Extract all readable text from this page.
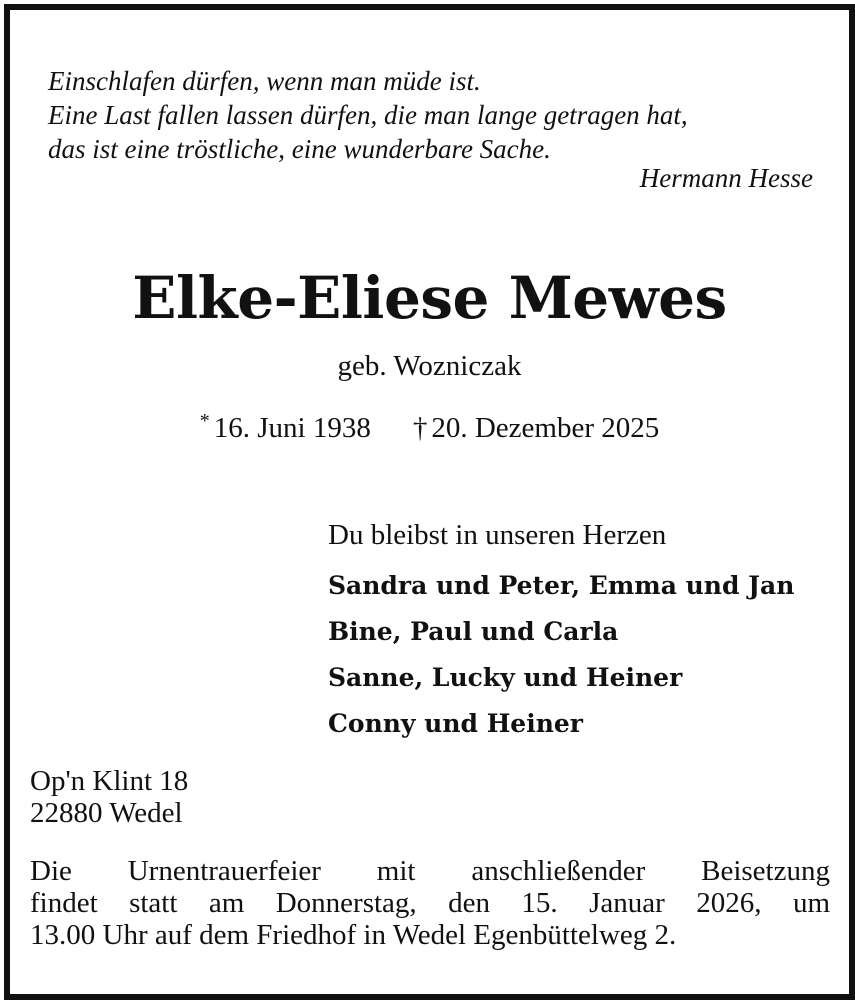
Einschlafen dürfen, wenn man müde ist.
Eine Last fallen lassen dürfen, die man lange getragen hat,
das ist eine tröstliche, eine wunderbare Sache.
Hermann Hesse
Elke-Eliese Mewes
geb. Wozniczak
* 16. Juni 1938 † 20. Dezember 2025
Du bleibst in unseren Herzen
Sandra und Peter, Emma und Jan
Bine, Paul und Carla
Sanne, Lucky und Heiner
Conny und Heiner
Op'n Klint 18
22880 Wedel
Die Urnentrauerfeier mit anschließender Beisetzung
findet statt am Donnerstag, den 15. Januar 2026, um
13.00 Uhr auf dem Friedhof in Wedel Egenbüttelweg 2.
